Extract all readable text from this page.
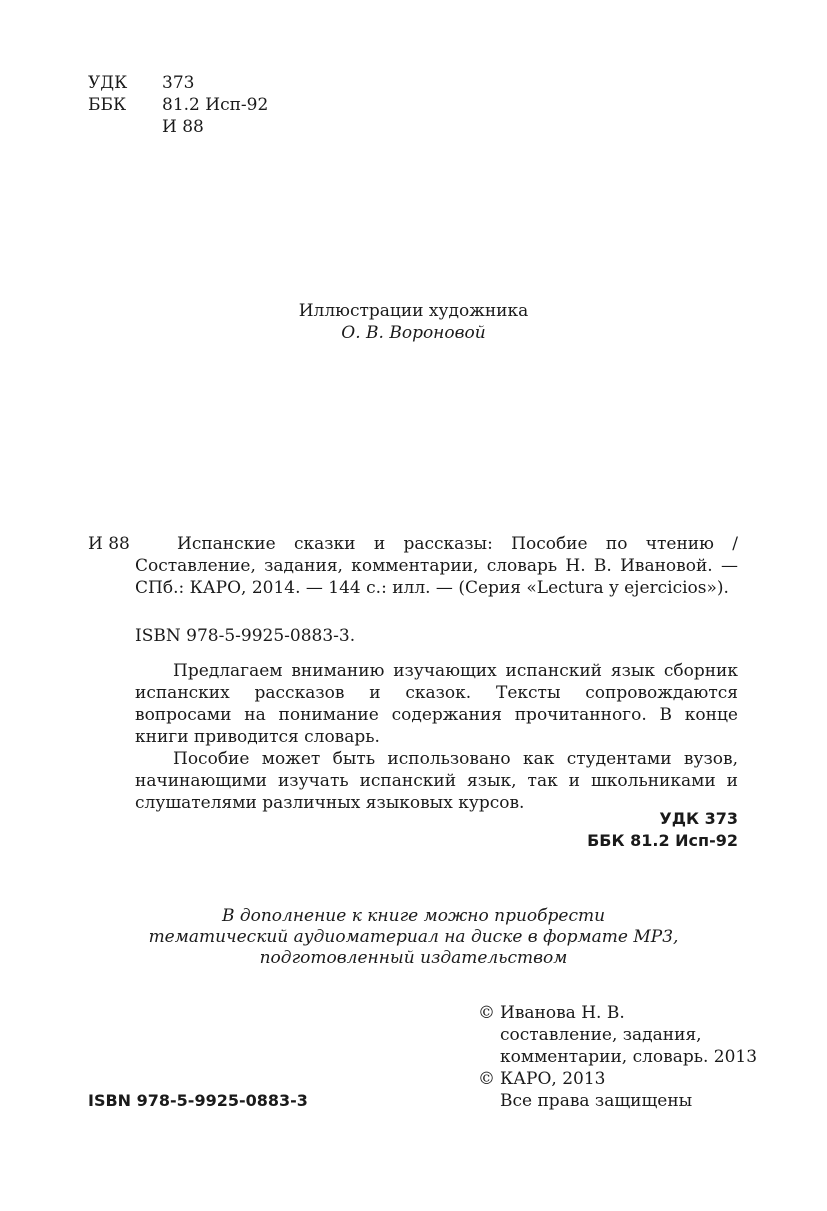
УДК	373
ББК	81.2 Исп-92
И 88
Иллюстрации художника
О. В. Вороновой
И 88	Испанские сказки и рассказы: Пособие по чтению / Составление, задания, комментарии, словарь Н. В. Ивановой. — СПб.: КАРО, 2014. — 144 с.: илл. — (Серия «Lectura y ejercicios»).
ISBN 978-5-9925-0883-3.

Предлагаем вниманию изучающих испанский язык сборник испанских рассказов и сказок. Тексты сопровождаются вопросами на понимание содержания прочитанного. В конце книги приводится словарь.

Пособие может быть использовано как студентами вузов, начинающими изучать испанский язык, так и школьниками и слушателями различных языковых курсов.

УДК 373
ББК 81.2 Исп-92
В дополнение к книге можно приобрести
тематический аудиоматериал на диске в формате MP3,
подготовленный издательством
© Иванова Н. В.
составление, задания,
комментарии, словарь. 2013
© КАРО, 2013
Все права защищены
ISBN 978-5-9925-0883-3
